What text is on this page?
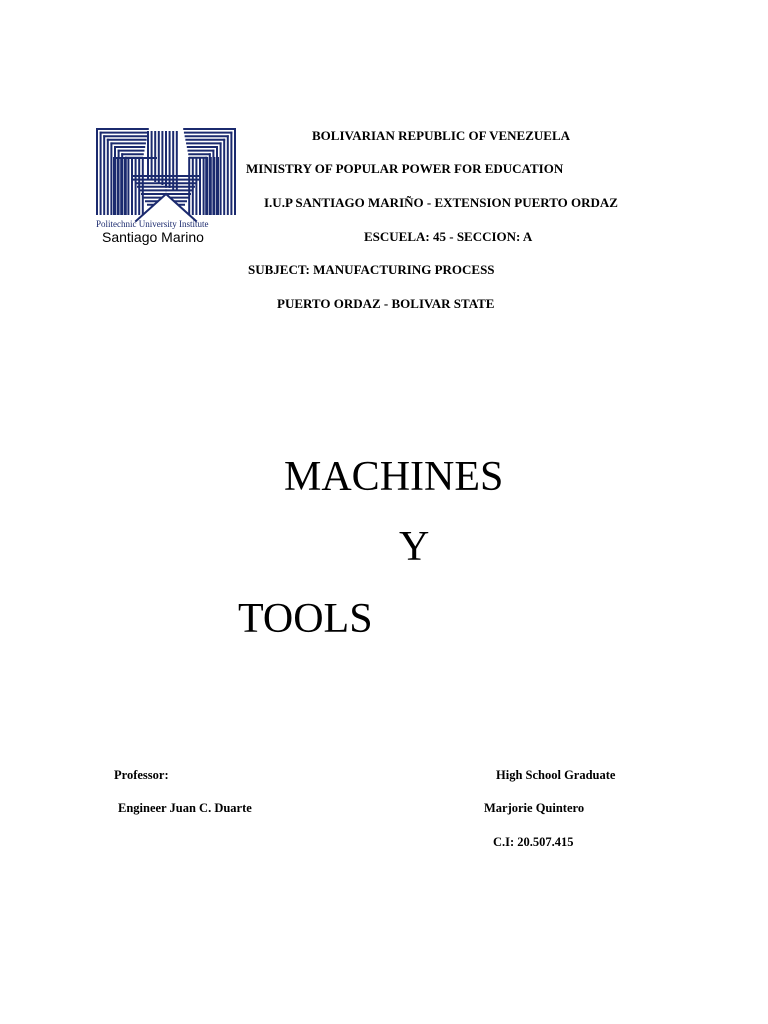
Politechnic University Institute
Santiago Marino
BOLIVARIAN REPUBLIC OF VENEZUELA
MINISTRY OF POPULAR POWER FOR EDUCATION
I.U.P SANTIAGO MARIÑO - EXTENSION PUERTO ORDAZ
ESCUELA: 45 - SECCION: A
SUBJECT: MANUFACTURING PROCESS
PUERTO ORDAZ - BOLIVAR STATE
MACHINES
Y
TOOLS
Professor:
Engineer Juan C. Duarte
High School Graduate
Marjorie Quintero
C.I: 20.507.415
